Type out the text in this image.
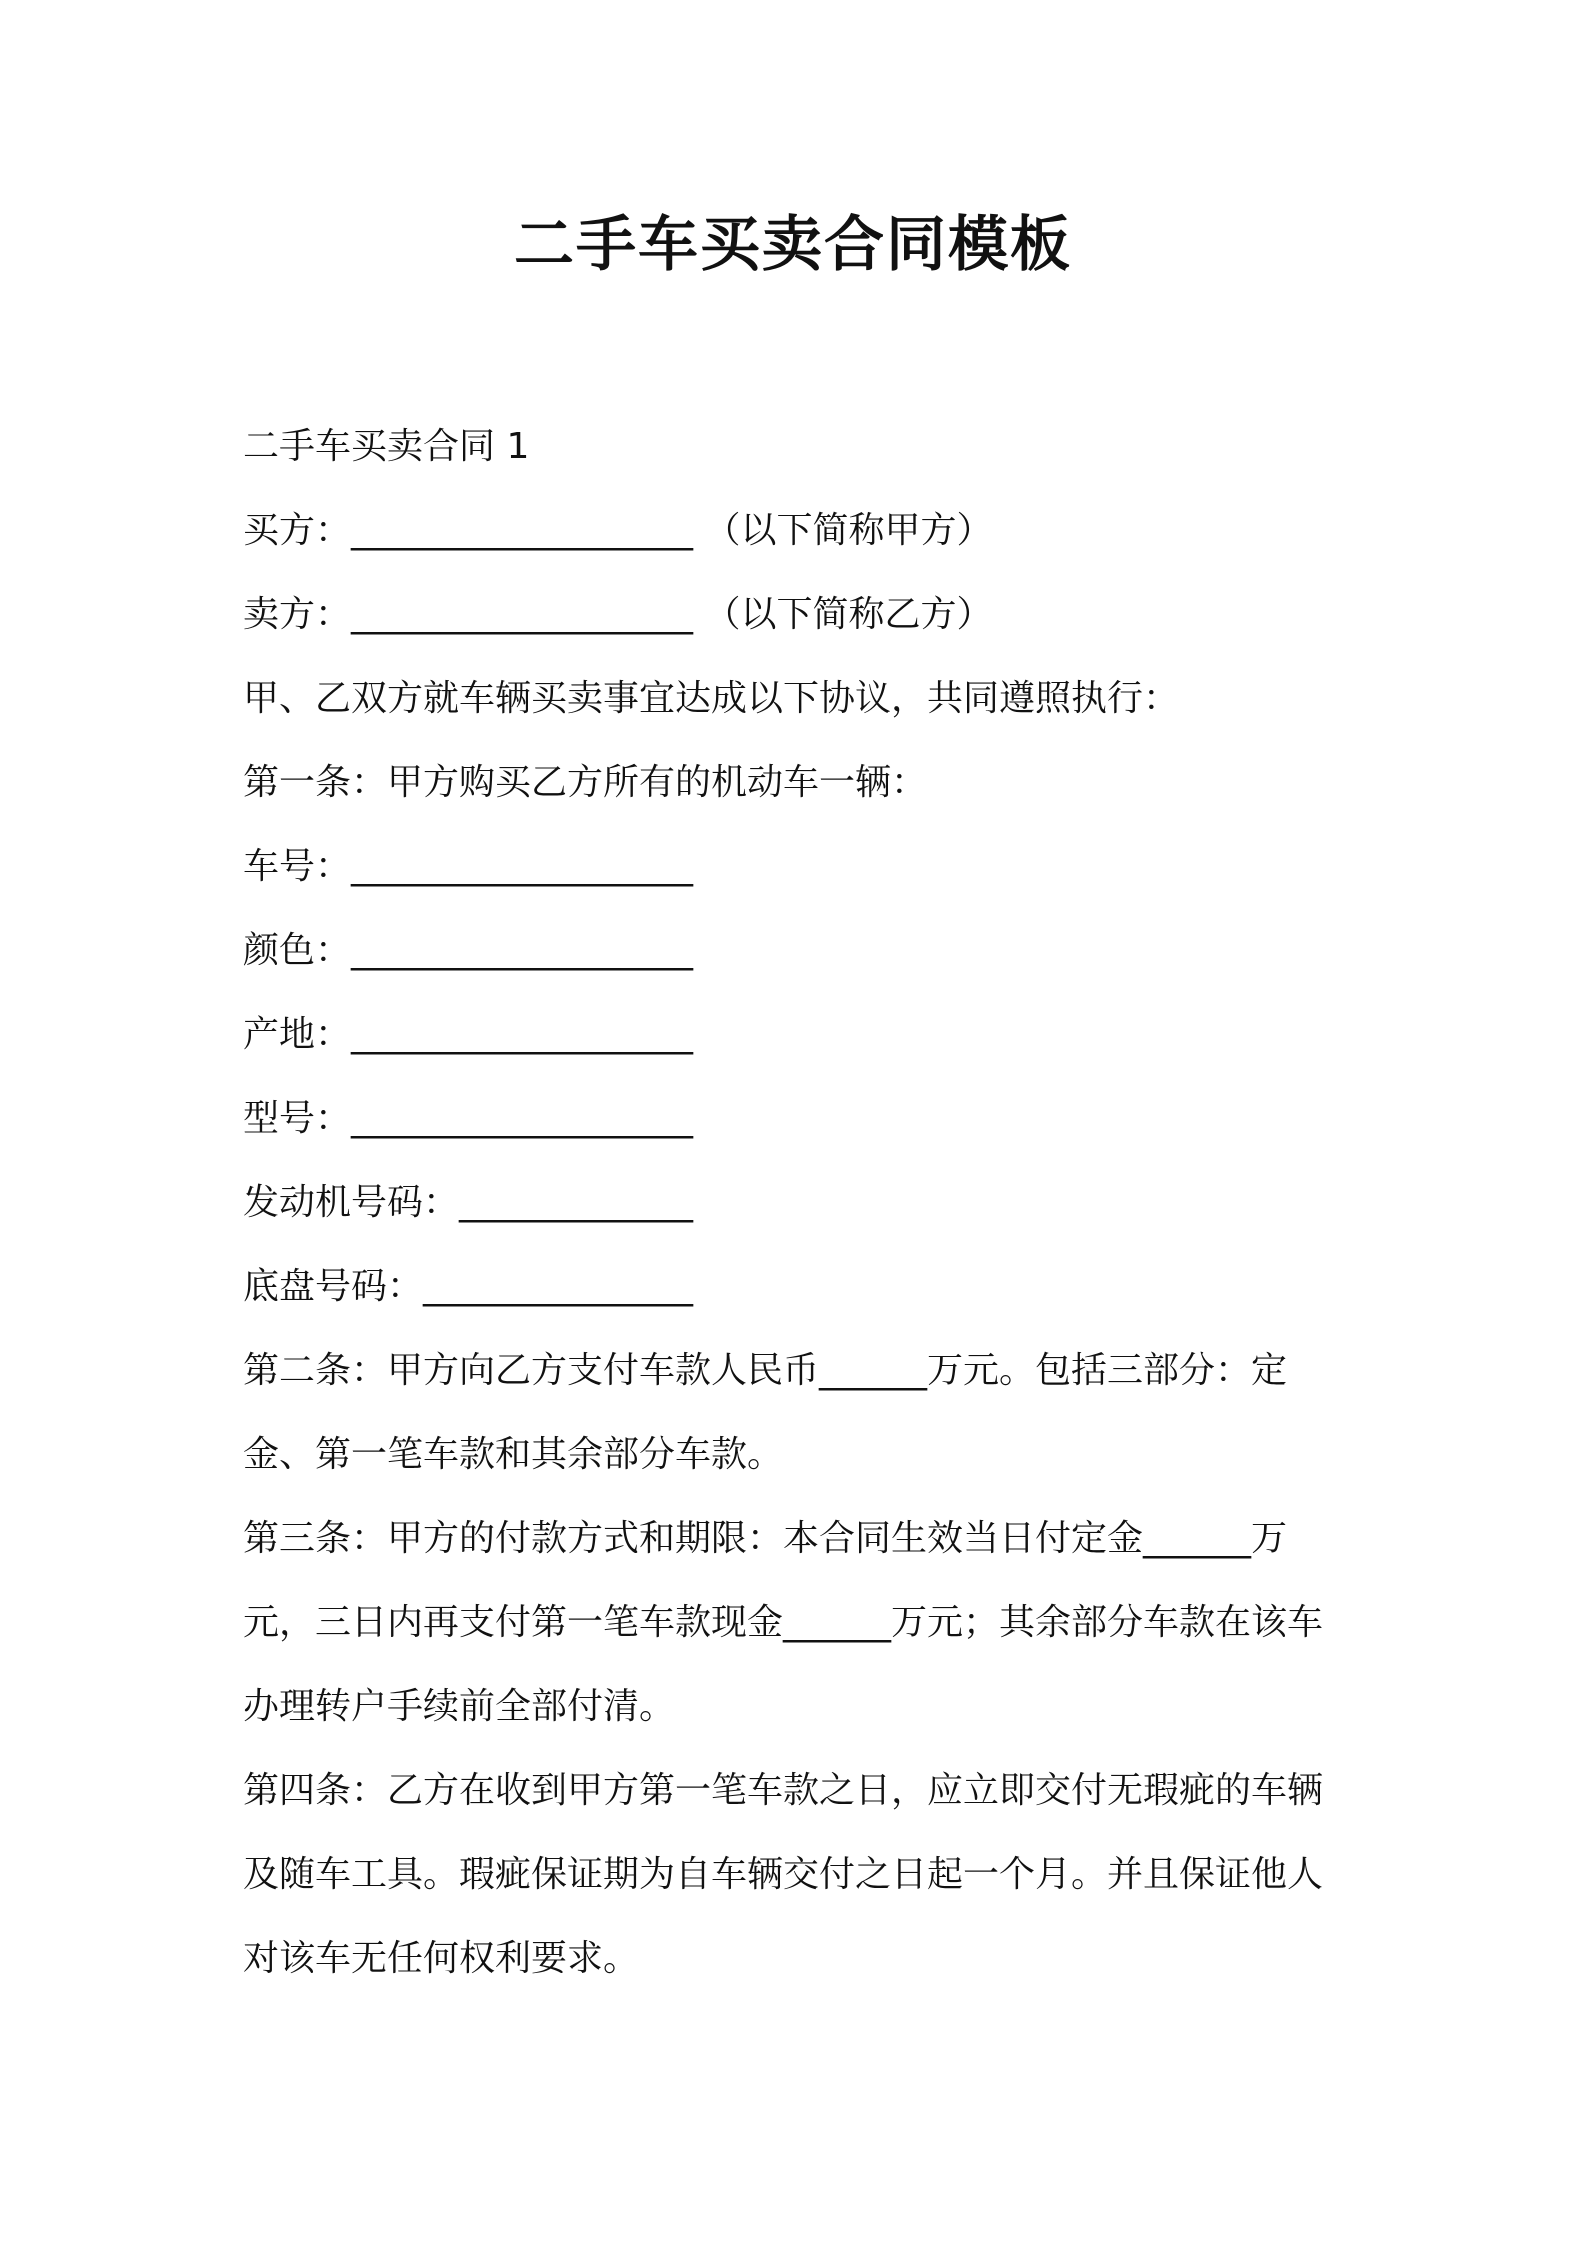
二手车买卖合同模板

二手车买卖合同 1

买方：___________________ （以下简称甲方）

卖方：___________________ （以下简称乙方）

甲、乙双方就车辆买卖事宜达成以下协议，共同遵照执行：

第一条：甲方购买乙方所有的机动车一辆：

车号：___________________

颜色：___________________

产地：___________________

型号：___________________

发动机号码：_____________

底盘号码：_______________

第二条：甲方向乙方支付车款人民币______万元。包括三部分：定金、第一笔车款和其余部分车款。

第三条：甲方的付款方式和期限：本合同生效当日付定金______万元，三日内再支付第一笔车款现金______万元；其余部分车款在该车办理转户手续前全部付清。

第四条：乙方在收到甲方第一笔车款之日，应立即交付无瑕疵的车辆及随车工具。瑕疵保证期为自车辆交付之日起一个月。并且保证他人对该车无任何权利要求。
